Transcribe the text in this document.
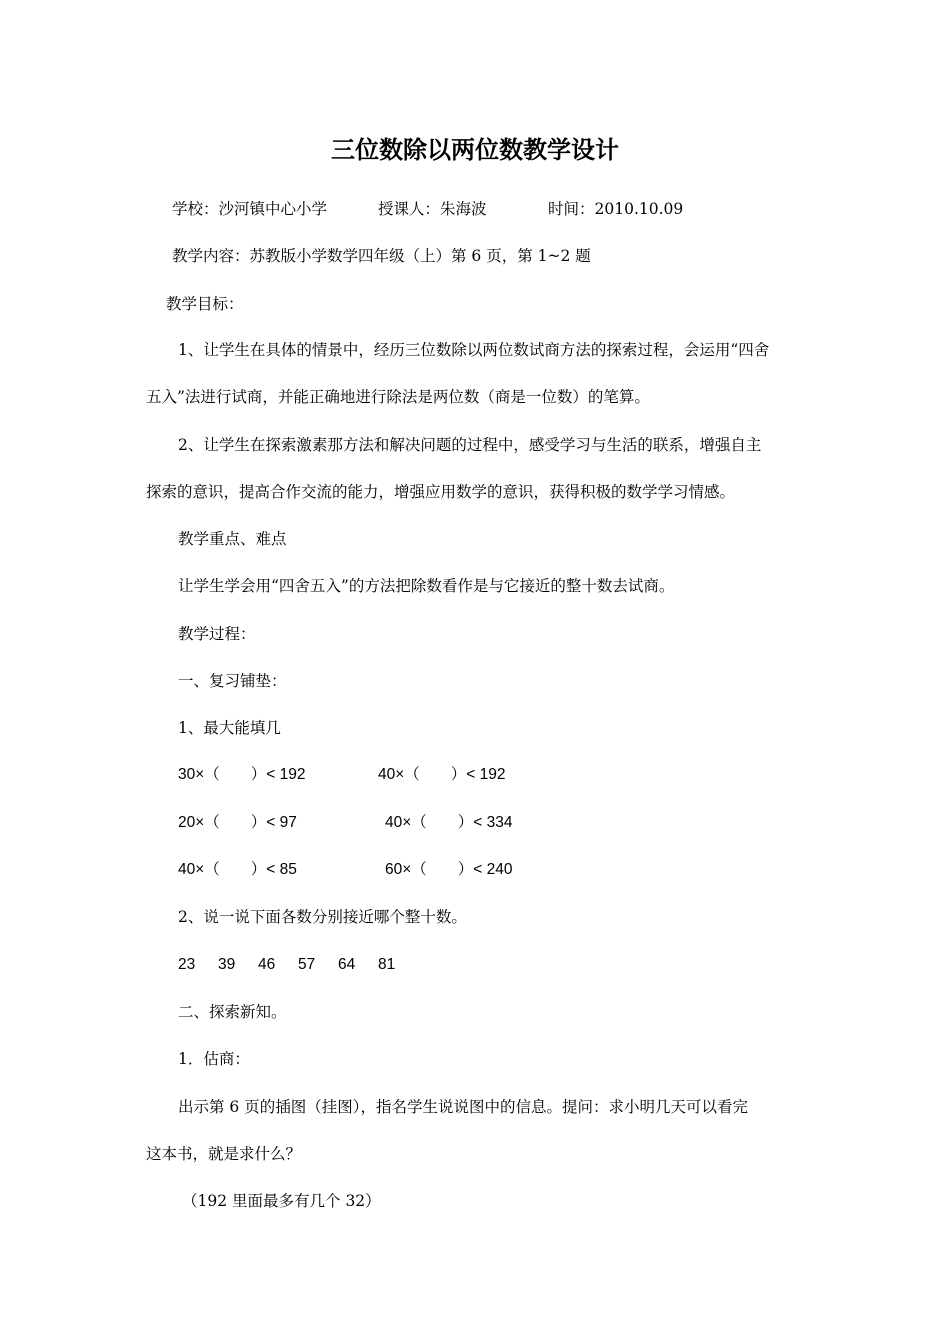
三位数除以两位数教学设计
学校：沙河镇中心小学	授课人：朱海波	时间：2010.10.09
教学内容：苏教版小学数学四年级（上）第 6 页，第 1~2 题
教学目标：
1、让学生在具体的情景中，经历三位数除以两位数试商方法的探索过程，会运用“四舍
五入”法进行试商，并能正确地进行除法是两位数（商是一位数）的笔算。
2、让学生在探索激素那方法和解决问题的过程中，感受学习与生活的联系，增强自主
探索的意识，提高合作交流的能力，增强应用数学的意识，获得积极的数学学习情感。
教学重点、难点
让学生学会用“四舍五入”的方法把除数看作是与它接近的整十数去试商。
教学过程：
一、复习铺垫：
1、最大能填几
30×（　　）< 192	40×（　　）< 192
20×（　　）< 97	40×（　　）< 334
40×（　　）< 85	60×（　　）< 240
2、说一说下面各数分别接近哪个整十数。
23 39 46 57 64 81
二、探索新知。
1．估商：
出示第 6 页的插图（挂图），指名学生说说图中的信息。提问：求小明几天可以看完
这本书，就是求什么？
（192 里面最多有几个 32）
